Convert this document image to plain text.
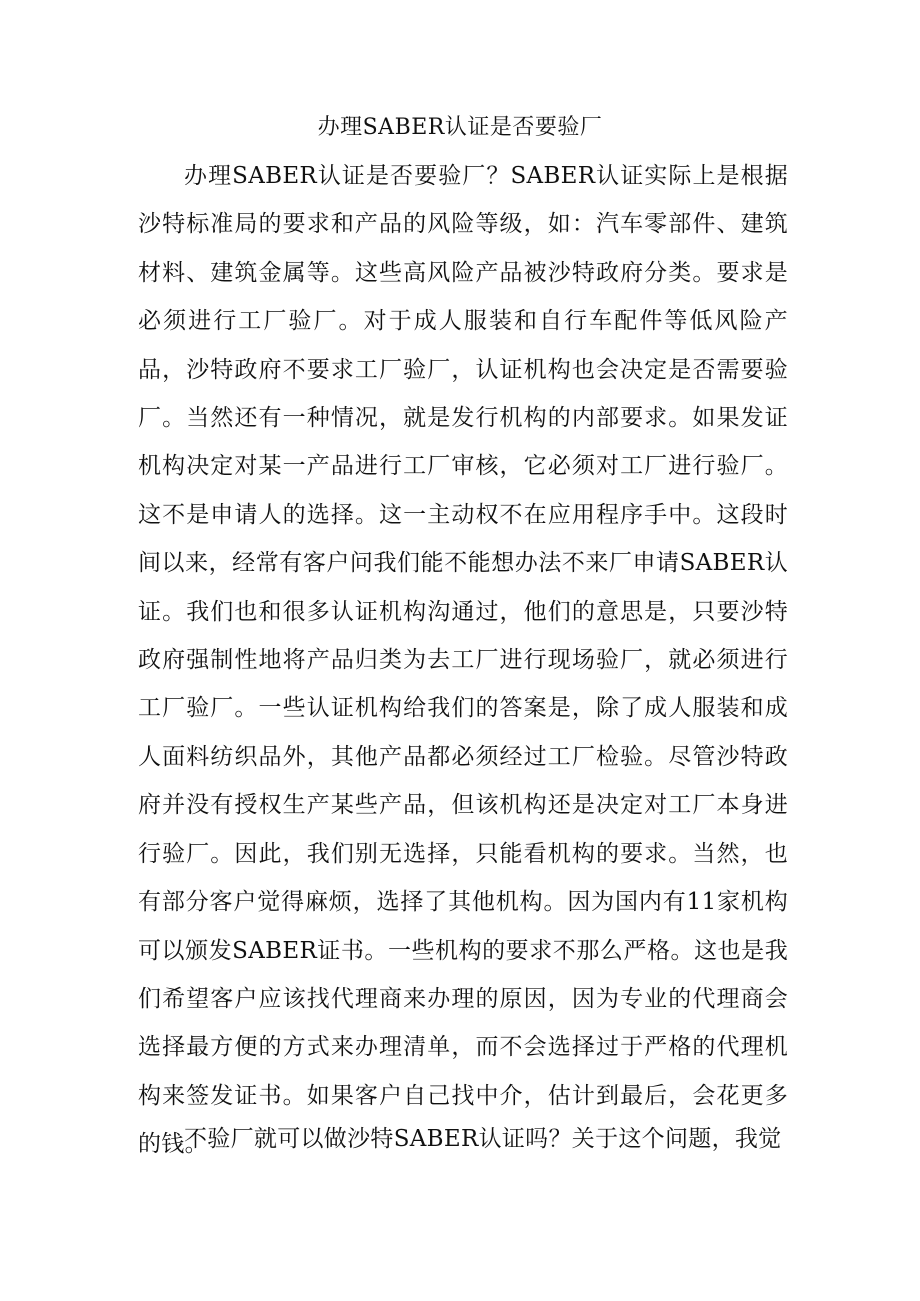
办理SABER认证是否要验厂

办理SABER认证是否要验厂？SABER认证实际上是根据沙特标准局的要求和产品的风险等级，如：汽车零部件、建筑材料、建筑金属等。这些高风险产品被沙特政府分类。要求是必须进行工厂验厂。对于成人服装和自行车配件等低风险产品，沙特政府不要求工厂验厂，认证机构也会决定是否需要验厂。当然还有一种情况，就是发行机构的内部要求。如果发证机构决定对某一产品进行工厂审核，它必须对工厂进行验厂。这不是申请人的选择。这一主动权不在应用程序手中。这段时间以来，经常有客户问我们能不能想办法不来厂申请SABER认证。我们也和很多认证机构沟通过，他们的意思是，只要沙特政府强制性地将产品归类为去工厂进行现场验厂，就必须进行工厂验厂。一些认证机构给我们的答案是，除了成人服装和成人面料纺织品外，其他产品都必须经过工厂检验。尽管沙特政府并没有授权生产某些产品，但该机构还是决定对工厂本身进行验厂。因此，我们别无选择，只能看机构的要求。当然，也有部分客户觉得麻烦，选择了其他机构。因为国内有11家机构可以颁发SABER证书。一些机构的要求不那么严格。这也是我们希望客户应该找代理商来办理的原因，因为专业的代理商会选择最方便的方式来办理清单，而不会选择过于严格的代理机构来签发证书。如果客户自己找中介，估计到最后，会花更多的钱。

不验厂就可以做沙特SABER认证吗？关于这个问题，我觉
